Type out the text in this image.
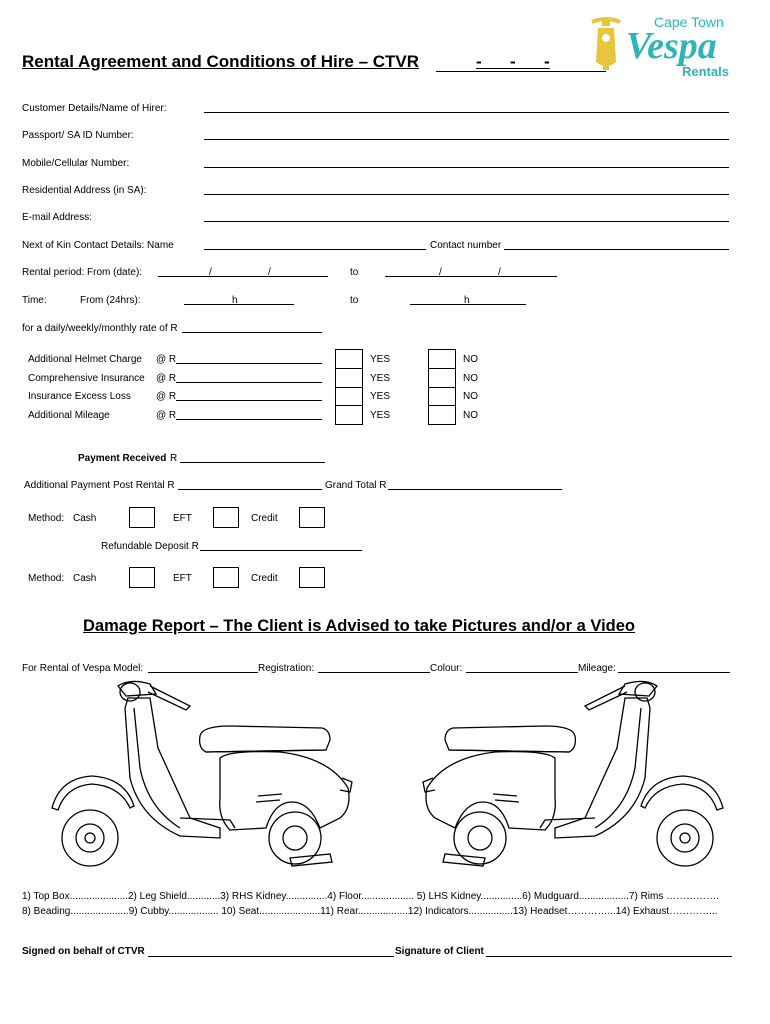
Cape Town
Vespa
Rentals
Rental Agreement and Conditions of Hire – CTVR	-      -      -
Customer Details/Name of Hirer:
Passport/ SA ID Number:
Mobile/Cellular Number:
Residential Address (in SA):
E-mail Address:
Next of Kin Contact Details: Name	Contact number
Rental period: From (date):	/	/	to	/	/
Time:	From (24hrs):	h	to	h
for a daily/weekly/monthly rate of R
Additional Helmet Charge @ R	YES	NO
Comprehensive Insurance @ R	YES	NO
Insurance Excess Loss	@ R	YES	NO
Additional Mileage	@ R	YES	NO
Payment Received R
Additional Payment Post Rental R	Grand Total R
Method: Cash	EFT	Credit
Refundable Deposit R
Method: Cash	EFT	Credit
Damage Report – The Client is Advised to take Pictures and/or a Video
For Rental of Vespa Model:	Registration:	Colour:	Mileage:
1) Top Box.....................2) Leg Shield............3) RHS Kidney...............4) Floor................... 5) LHS Kidney...............6) Mudguard..................7) Rims …………….
8) Beading.....................9) Cubby.................. 10) Seat......................11) Rear..................12) Indicators................13) Headset…………...14) Exhaust…………...
Signed on behalf of CTVR	Signature of Client
